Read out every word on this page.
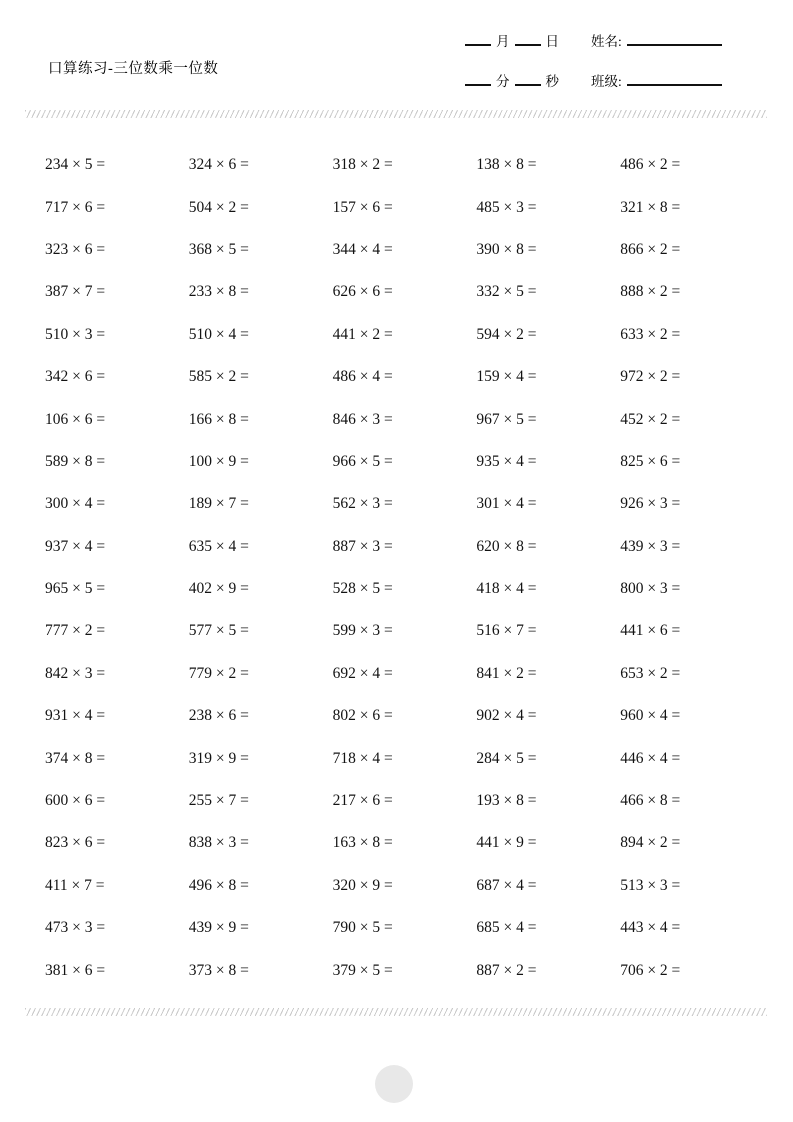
口算练习-三位数乘一位数
月	日 姓名:
分	秒 班级:
234 × 5 =	324 × 6 =	318 × 2 =	138 × 8 =	486 × 2 =
717 × 6 =	504 × 2 =	157 × 6 =	485 × 3 =	321 × 8 =
323 × 6 =	368 × 5 =	344 × 4 =	390 × 8 =	866 × 2 =
387 × 7 =	233 × 8 =	626 × 6 =	332 × 5 =	888 × 2 =
510 × 3 =	510 × 4 =	441 × 2 =	594 × 2 =	633 × 2 =
342 × 6 =	585 × 2 =	486 × 4 =	159 × 4 =	972 × 2 =
106 × 6 =	166 × 8 =	846 × 3 =	967 × 5 =	452 × 2 =
589 × 8 =	100 × 9 =	966 × 5 =	935 × 4 =	825 × 6 =
300 × 4 =	189 × 7 =	562 × 3 =	301 × 4 =	926 × 3 =
937 × 4 =	635 × 4 =	887 × 3 =	620 × 8 =	439 × 3 =
965 × 5 =	402 × 9 =	528 × 5 =	418 × 4 =	800 × 3 =
777 × 2 =	577 × 5 =	599 × 3 =	516 × 7 =	441 × 6 =
842 × 3 =	779 × 2 =	692 × 4 =	841 × 2 =	653 × 2 =
931 × 4 =	238 × 6 =	802 × 6 =	902 × 4 =	960 × 4 =
374 × 8 =	319 × 9 =	718 × 4 =	284 × 5 =	446 × 4 =
600 × 6 =	255 × 7 =	217 × 6 =	193 × 8 =	466 × 8 =
823 × 6 =	838 × 3 =	163 × 8 =	441 × 9 =	894 × 2 =
411 × 7 =	496 × 8 =	320 × 9 =	687 × 4 =	513 × 3 =
473 × 3 =	439 × 9 =	790 × 5 =	685 × 4 =	443 × 4 =
381 × 6 =	373 × 8 =	379 × 5 =	887 × 2 =	706 × 2 =
